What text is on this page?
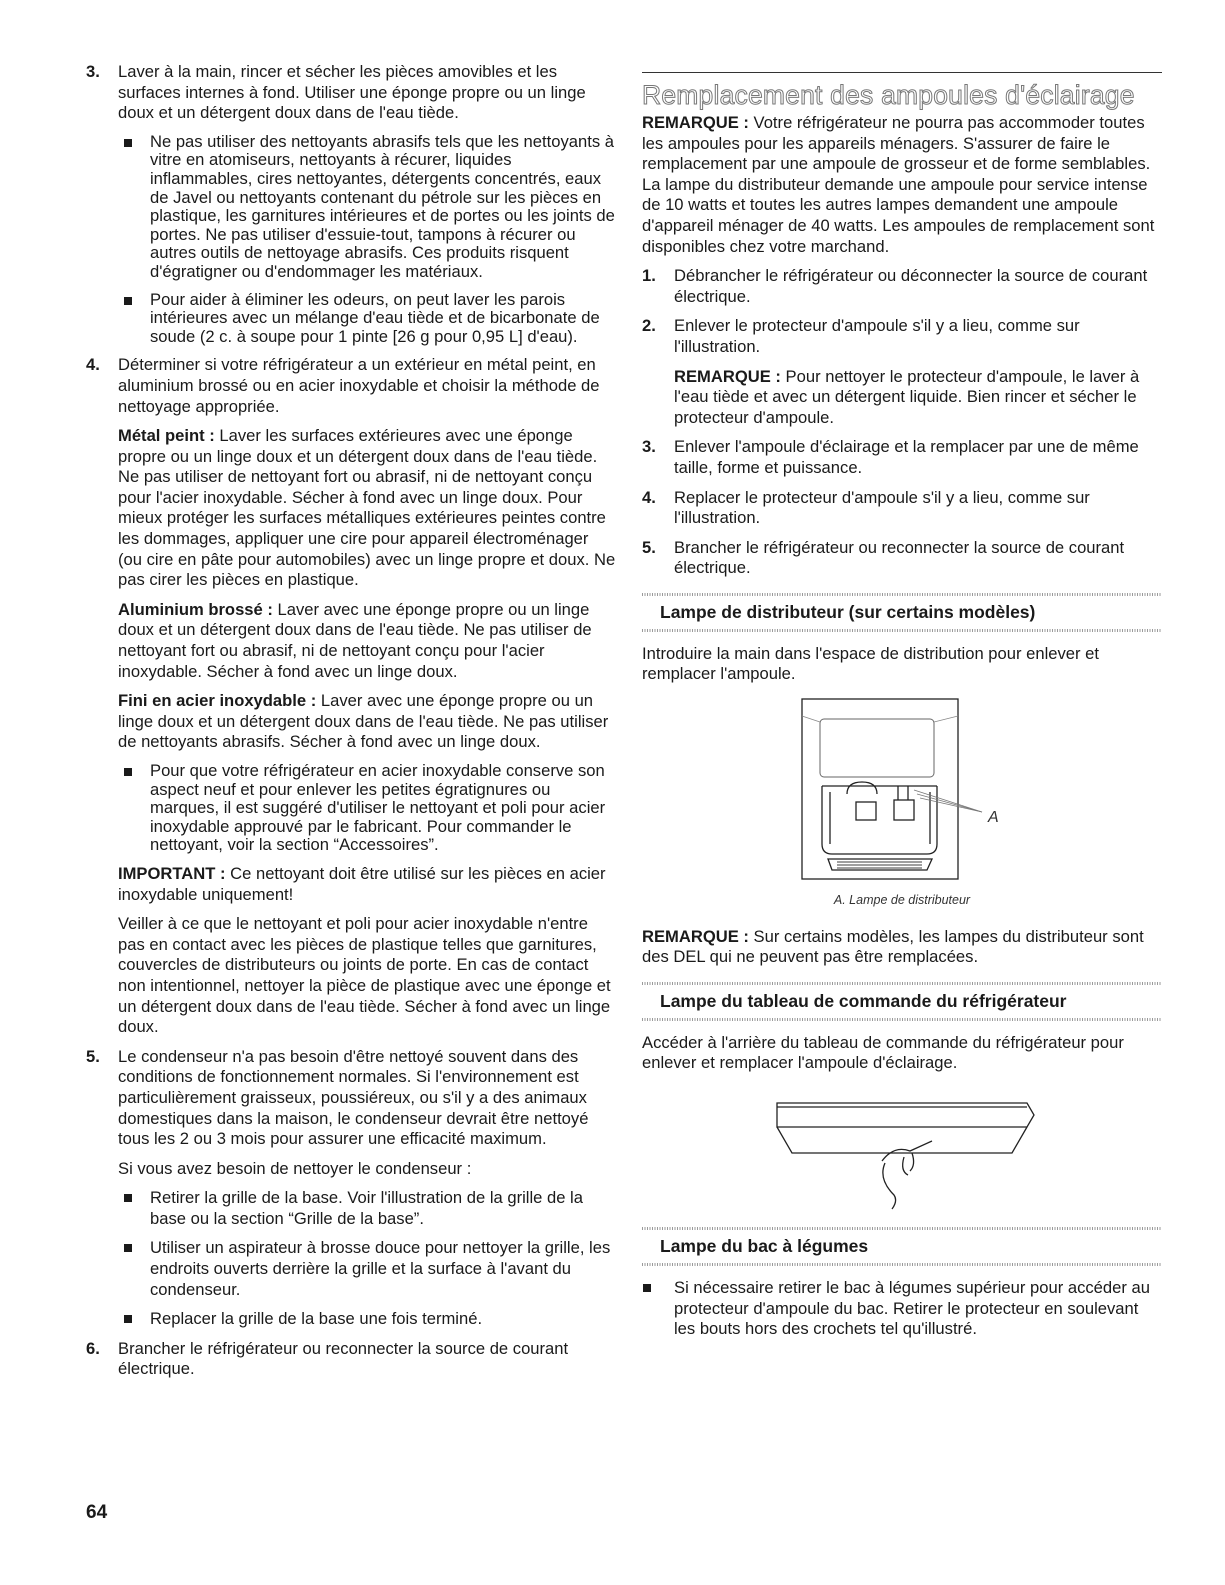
3. Laver à la main, rincer et sécher les pièces amovibles et les surfaces internes à fond. Utiliser une éponge propre ou un linge doux et un détergent doux dans de l'eau tiède.

Ne pas utiliser des nettoyants abrasifs tels que les nettoyants à vitre en atomiseurs, nettoyants à récurer, liquides inflammables, cires nettoyantes, détergents concentrés, eaux de Javel ou nettoyants contenant du pétrole sur les pièces en plastique, les garnitures intérieures et de portes ou les joints de portes. Ne pas utiliser d'essuie-tout, tampons à récurer ou autres outils de nettoyage abrasifs. Ces produits risquent d'égratigner ou d'endommager les matériaux.
Pour aider à éliminer les odeurs, on peut laver les parois intérieures avec un mélange d'eau tiède et de bicarbonate de soude (2 c. à soupe pour 1 pinte [26 g pour 0,95 L] d'eau).
4. Déterminer si votre réfrigérateur a un extérieur en métal peint, en aluminium brossé ou en acier inoxydable et choisir la méthode de nettoyage appropriée.

Métal peint : Laver les surfaces extérieures avec une éponge propre ou un linge doux et un détergent doux dans de l'eau tiède. Ne pas utiliser de nettoyant fort ou abrasif, ni de nettoyant conçu pour l'acier inoxydable. Sécher à fond avec un linge doux. Pour mieux protéger les surfaces métalliques extérieures peintes contre les dommages, appliquer une cire pour appareil électroménager (ou cire en pâte pour automobiles) avec un linge propre et doux. Ne pas cirer les pièces en plastique.

Aluminium brossé : Laver avec une éponge propre ou un linge doux et un détergent doux dans de l'eau tiède. Ne pas utiliser de nettoyant fort ou abrasif, ni de nettoyant conçu pour l'acier inoxydable. Sécher à fond avec un linge doux.

Fini en acier inoxydable : Laver avec une éponge propre ou un linge doux et un détergent doux dans de l'eau tiède. Ne pas utiliser de nettoyants abrasifs. Sécher à fond avec un linge doux.

Pour que votre réfrigérateur en acier inoxydable conserve son aspect neuf et pour enlever les petites égratignures ou marques, il est suggéré d'utiliser le nettoyant et poli pour acier inoxydable approuvé par le fabricant. Pour commander le nettoyant, voir la section “Accessoires”.

IMPORTANT : Ce nettoyant doit être utilisé sur les pièces en acier inoxydable uniquement!

Veiller à ce que le nettoyant et poli pour acier inoxydable n'entre pas en contact avec les pièces de plastique telles que garnitures, couvercles de distributeurs ou joints de porte. En cas de contact non intentionnel, nettoyer la pièce de plastique avec une éponge et un détergent doux dans de l'eau tiède. Sécher à fond avec un linge doux.

5. Le condenseur n'a pas besoin d'être nettoyé souvent dans des conditions de fonctionnement normales. Si l'environnement est particulièrement graisseux, poussiéreux, ou s'il y a des animaux domestiques dans la maison, le condenseur devrait être nettoyé tous les 2 ou 3 mois pour assurer une efficacité maximum.

Si vous avez besoin de nettoyer le condenseur :

Retirer la grille de la base. Voir l'illustration de la grille de la base ou la section “Grille de la base”.
Utiliser un aspirateur à brosse douce pour nettoyer la grille, les endroits ouverts derrière la grille et la surface à l'avant du condenseur.
Replacer la grille de la base une fois terminé.
6. Brancher le réfrigérateur ou reconnecter la source de courant électrique.

Remplacement des ampoules d'éclairage

REMARQUE : Votre réfrigérateur ne pourra pas accommoder toutes les ampoules pour les appareils ménagers. S'assurer de faire le remplacement par une ampoule de grosseur et de forme semblables. La lampe du distributeur demande une ampoule pour service intense de 10 watts et toutes les autres lampes demandent une ampoule d'appareil ménager de 40 watts. Les ampoules de remplacement sont disponibles chez votre marchand.

1. Débrancher le réfrigérateur ou déconnecter la source de courant électrique.

2. Enlever le protecteur d'ampoule s'il y a lieu, comme sur l'illustration.

REMARQUE : Pour nettoyer le protecteur d'ampoule, le laver à l'eau tiède et avec un détergent liquide. Bien rincer et sécher le protecteur d'ampoule.

3. Enlever l'ampoule d'éclairage et la remplacer par une de même taille, forme et puissance.

4. Replacer le protecteur d'ampoule s'il y a lieu, comme sur l'illustration.

5. Brancher le réfrigérateur ou reconnecter la source de courant électrique.

Lampe de distributeur (sur certains modèles)

Introduire la main dans l'espace de distribution pour enlever et remplacer l'ampoule.

A
A. Lampe de distributeur

REMARQUE : Sur certains modèles, les lampes du distributeur sont des DEL qui ne peuvent pas être remplacées.

Lampe du tableau de commande du réfrigérateur

Accéder à l'arrière du tableau de commande du réfrigérateur pour enlever et remplacer l'ampoule d'éclairage.

Lampe du bac à légumes
Si nécessaire retirer le bac à légumes supérieur pour accéder au protecteur d'ampoule du bac. Retirer le protecteur en soulevant les bouts hors des crochets tel qu'illustré.
64
